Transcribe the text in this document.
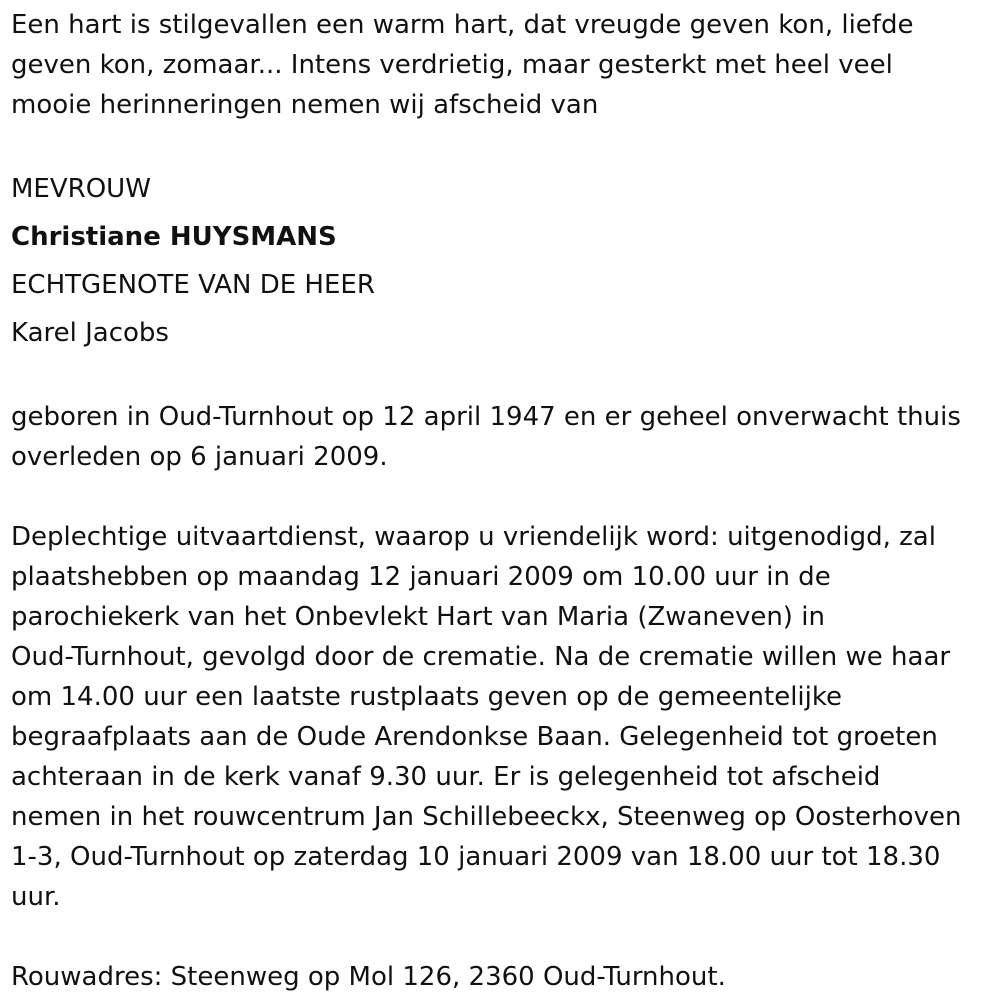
Een hart is stilgevallen een warm hart, dat vreugde geven kon, liefde
geven kon, zomaar... Intens verdrietig, maar gesterkt met heel veel
mooie herinneringen nemen wij afscheid van

MEVROUW

Christiane HUYSMANS

ECHTGENOTE VAN DE HEER

Karel Jacobs

geboren in Oud-Turnhout op 12 april 1947 en er geheel onverwacht thuis
overleden op 6 januari 2009.

Deplechtige uitvaartdienst, waarop u vriendelijk word: uitgenodigd, zal
plaatshebben op maandag 12 januari 2009 om 10.00 uur in de
parochiekerk van het Onbevlekt Hart van Maria (Zwaneven) in
Oud-Turnhout, gevolgd door de crematie. Na de crematie willen we haar
om 14.00 uur een laatste rustplaats geven op de gemeentelijke
begraafplaats aan de Oude Arendonkse Baan. Gelegenheid tot groeten
achteraan in de kerk vanaf 9.30 uur. Er is gelegenheid tot afscheid
nemen in het rouwcentrum Jan Schillebeeckx, Steenweg op Oosterhoven
1-3, Oud-Turnhout op zaterdag 10 januari 2009 van 18.00 uur tot 18.30
uur.

Rouwadres: Steenweg op Mol 126, 2360 Oud-Turnhout.
